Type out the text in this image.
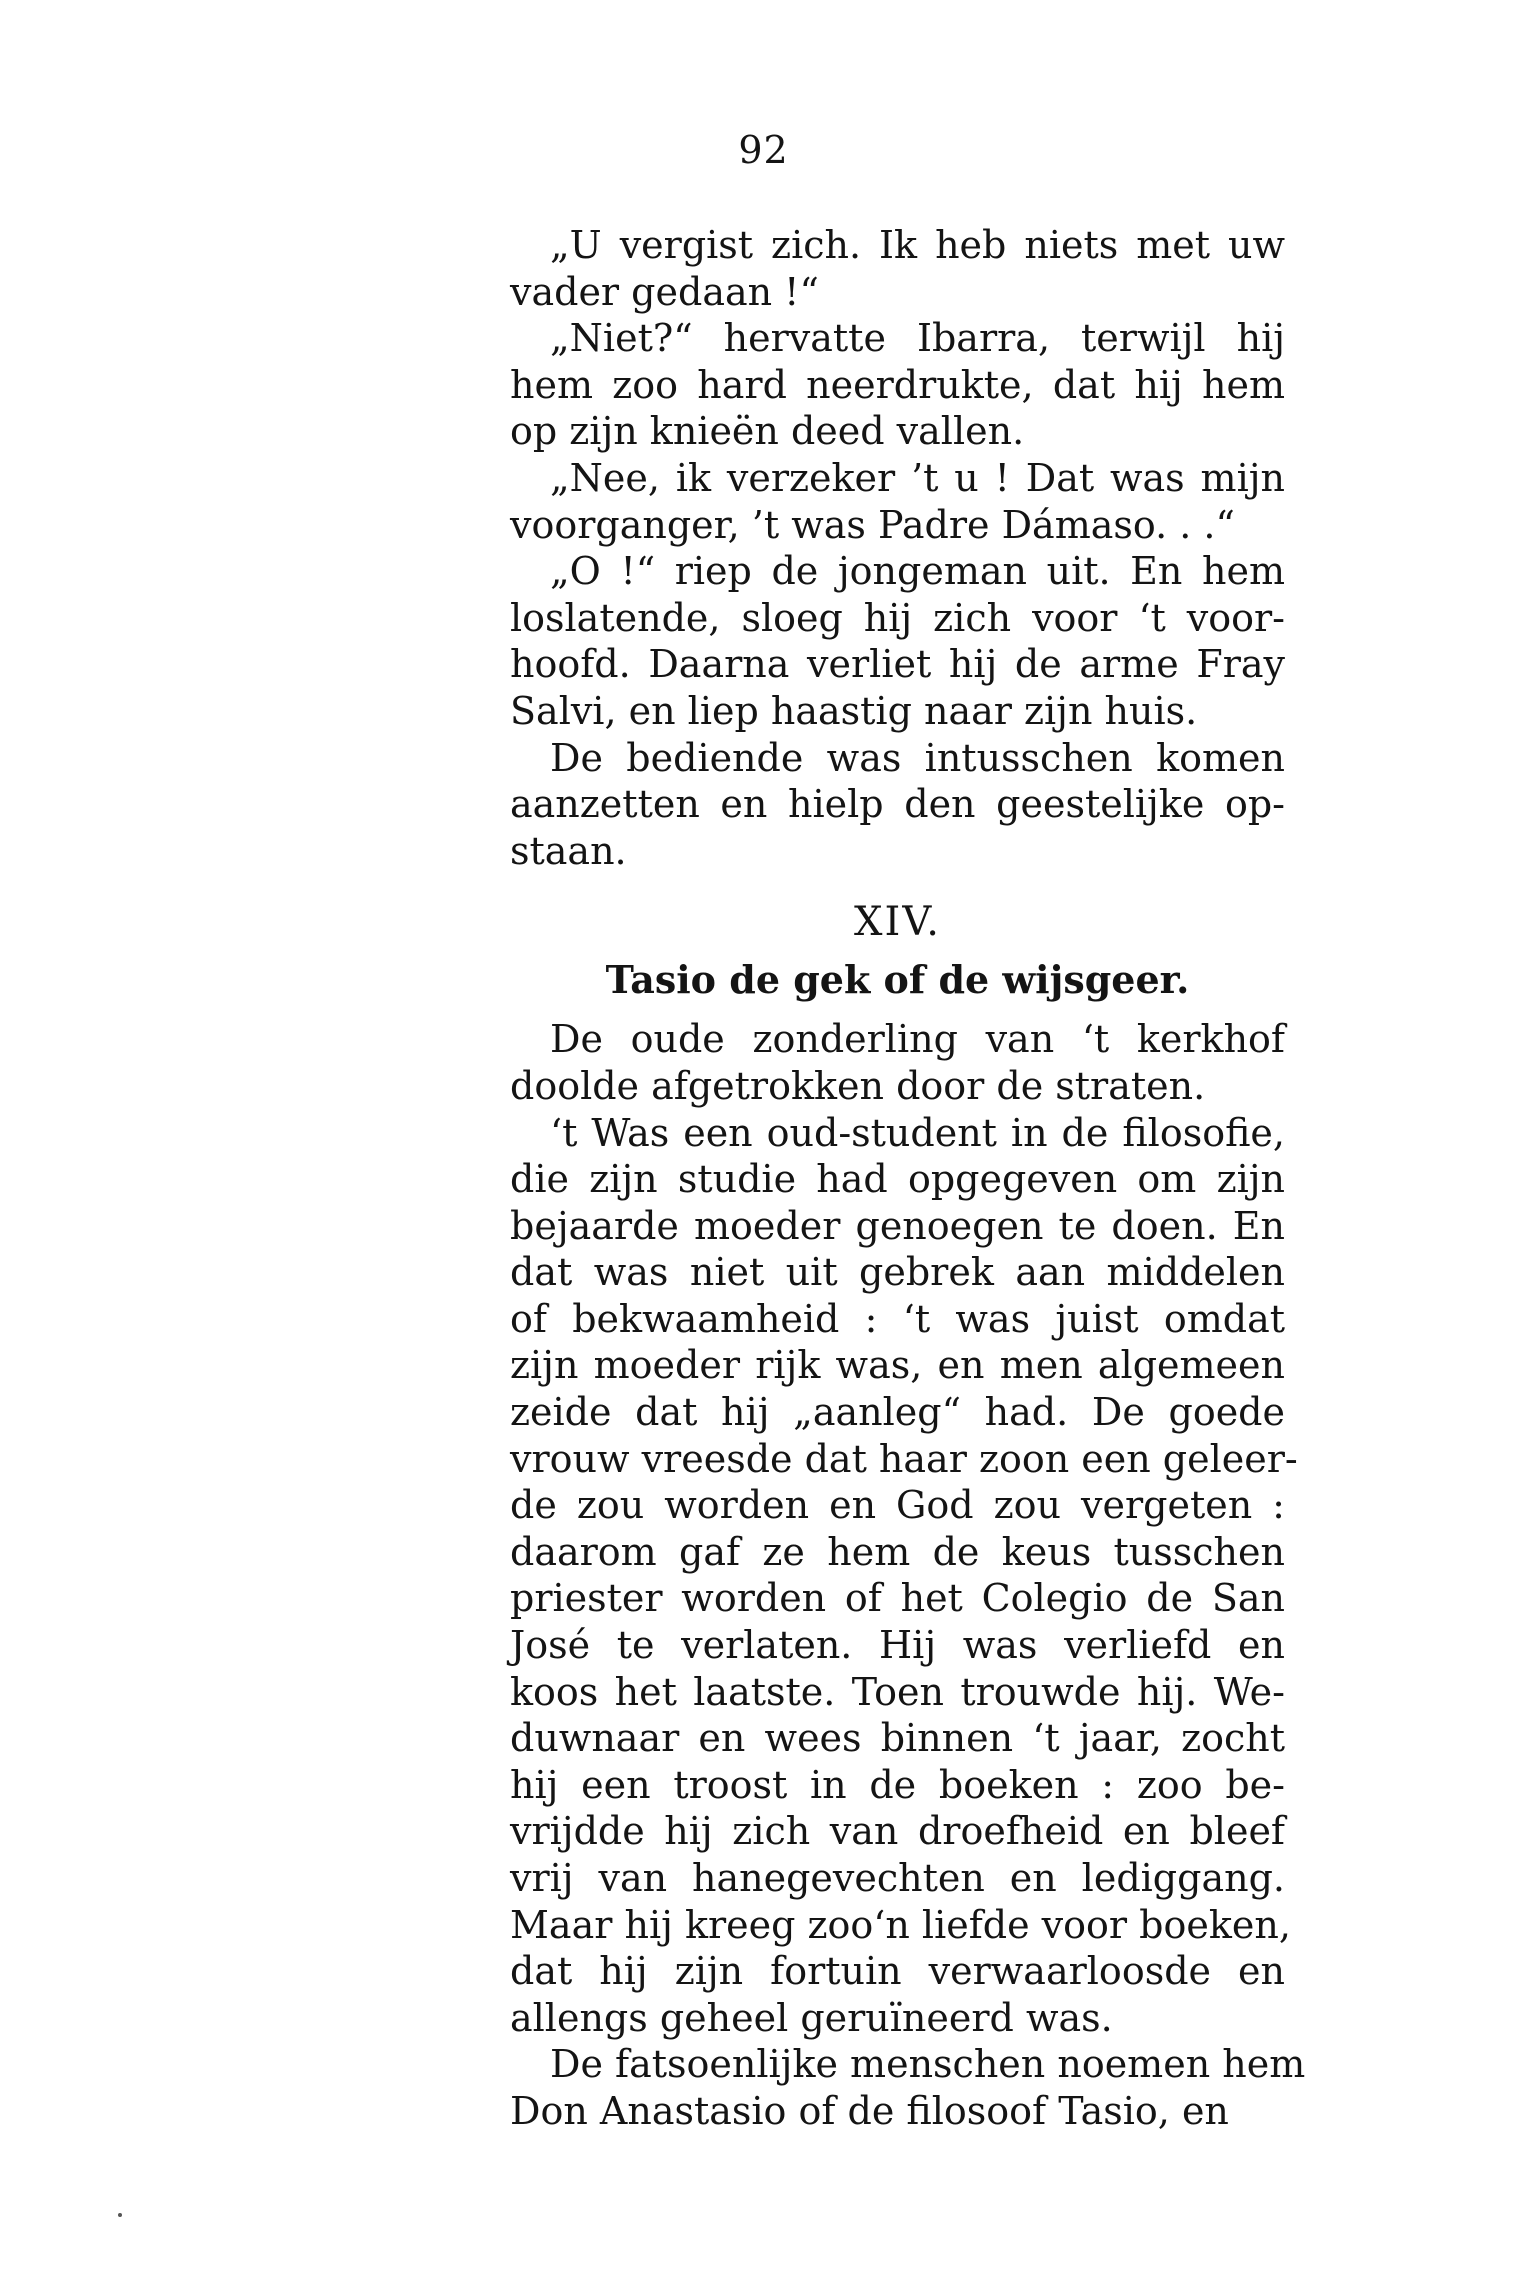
92
„U vergist zich. Ik heb niets met uw
vader gedaan !“
„Niet?“ hervatte Ibarra, terwijl hij
hem zoo hard neerdrukte, dat hij hem
op zijn knieën deed vallen.
„Nee, ik verzeker ’t u ! Dat was mijn
voorganger, ’t was Padre Dámaso. . .“
„O !“ riep de jongeman uit. En hem
loslatende, sloeg hij zich voor ‘t voor-
hoofd. Daarna verliet hij de arme Fray
Salvi, en liep haastig naar zijn huis.
De bediende was intusschen komen
aanzetten en hielp den geestelijke op-
staan.
XIV.
Tasio de gek of de wijsgeer.
De oude zonderling van ‘t kerkhof
doolde afgetrokken door de straten.
‘t Was een oud-student in de filosofie,
die zijn studie had opgegeven om zijn
bejaarde moeder genoegen te doen. En
dat was niet uit gebrek aan middelen
of bekwaamheid : ‘t was juist omdat
zijn moeder rijk was, en men algemeen
zeide dat hij „aanleg“ had. De goede
vrouw vreesde dat haar zoon een geleer-
de zou worden en God zou vergeten :
daarom gaf ze hem de keus tusschen
priester worden of het Colegio de San
José te verlaten. Hij was verliefd en
koos het laatste. Toen trouwde hij. We-
duwnaar en wees binnen ‘t jaar, zocht
hij een troost in de boeken : zoo be-
vrijdde hij zich van droefheid en bleef
vrij van hanegevechten en lediggang.
Maar hij kreeg zoo‘n liefde voor boeken,
dat hij zijn fortuin verwaarloosde en
allengs geheel geruïneerd was.
De fatsoenlijke menschen noemen hem
Don Anastasio of de filosoof Tasio, en
